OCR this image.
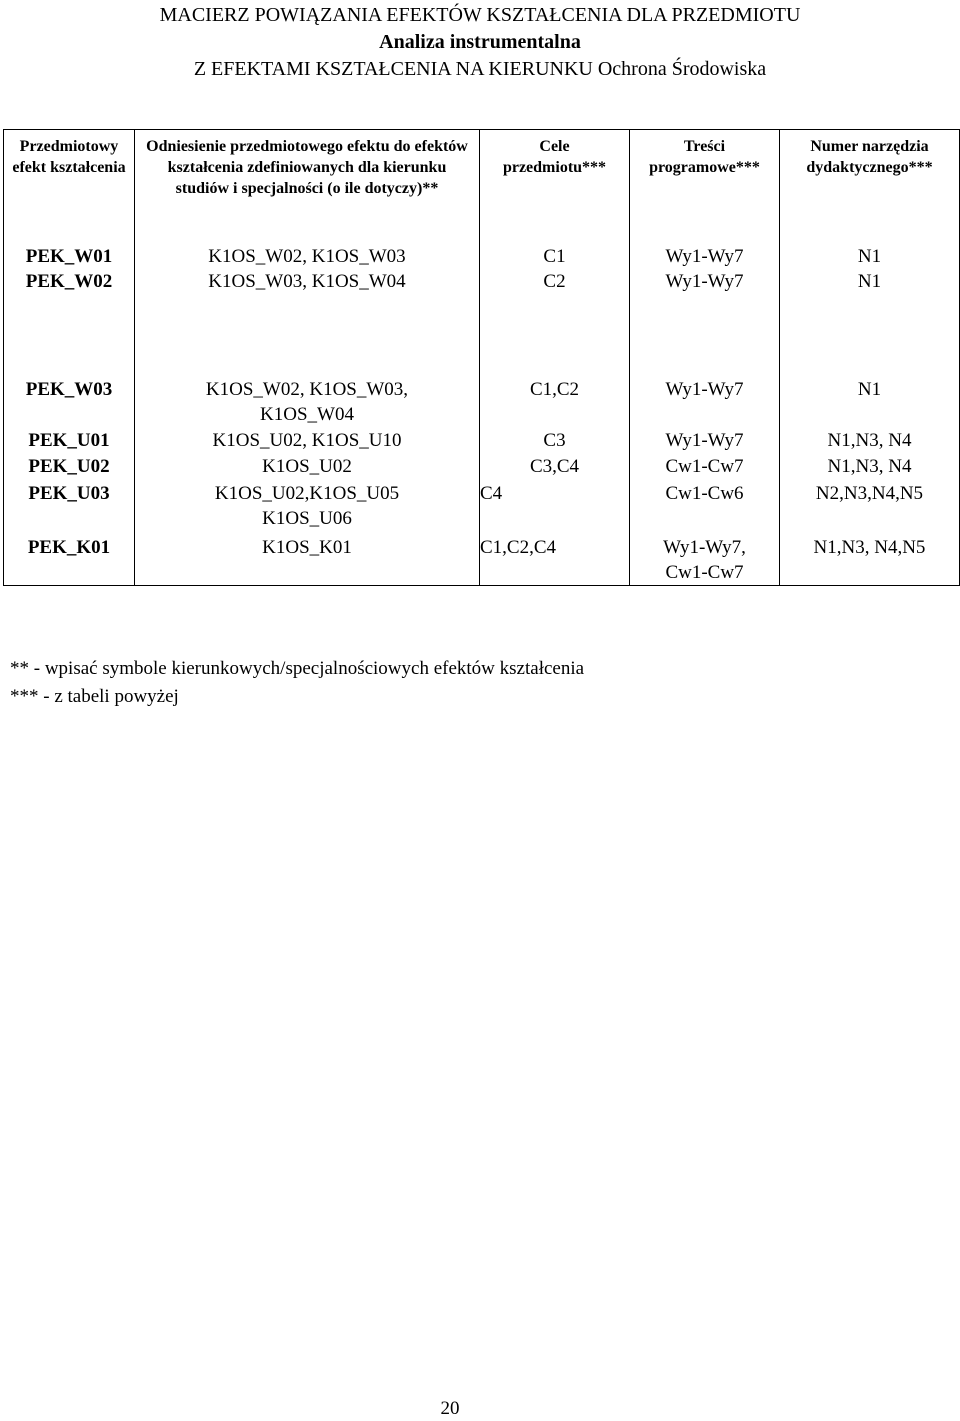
MACIERZ POWIĄZANIA EFEKTÓW KSZTAŁCENIA DLA PRZEDMIOTU
Analiza instrumentalna
Z EFEKTAMI KSZTAŁCENIA NA KIERUNKU Ochrona Środowiska
Przedmiotowy efekt kształcenia	Odniesienie przedmiotowego efektu do efektów kształcenia zdefiniowanych dla kierunku studiów i specjalności (o ile dotyczy)**	Cele przedmiotu***	Treści programowe***	Numer narzędzia dydaktycznego***
PEK_W01	K1OS_W02, K1OS_W03	C1	Wy1-Wy7	N1
PEK_W02	K1OS_W03, K1OS_W04	C2	Wy1-Wy7	N1
PEK_W03	K1OS_W02, K1OS_W03, K1OS_W04	C1,C2	Wy1-Wy7	N1
PEK_U01	K1OS_U02, K1OS_U10	C3	Wy1-Wy7	N1,N3, N4
PEK_U02	K1OS_U02	C3,C4	Cw1-Cw7	N1,N3, N4
PEK_U03	K1OS_U02,K1OS_U05 K1OS_U06	C4	Cw1-Cw6	N2,N3,N4,N5
PEK_K01	K1OS_K01	C1,C2,C4	Wy1-Wy7, Cw1-Cw7	N1,N3, N4,N5
** - wpisać symbole kierunkowych/specjalnościowych efektów kształcenia
*** - z tabeli powyżej
20
